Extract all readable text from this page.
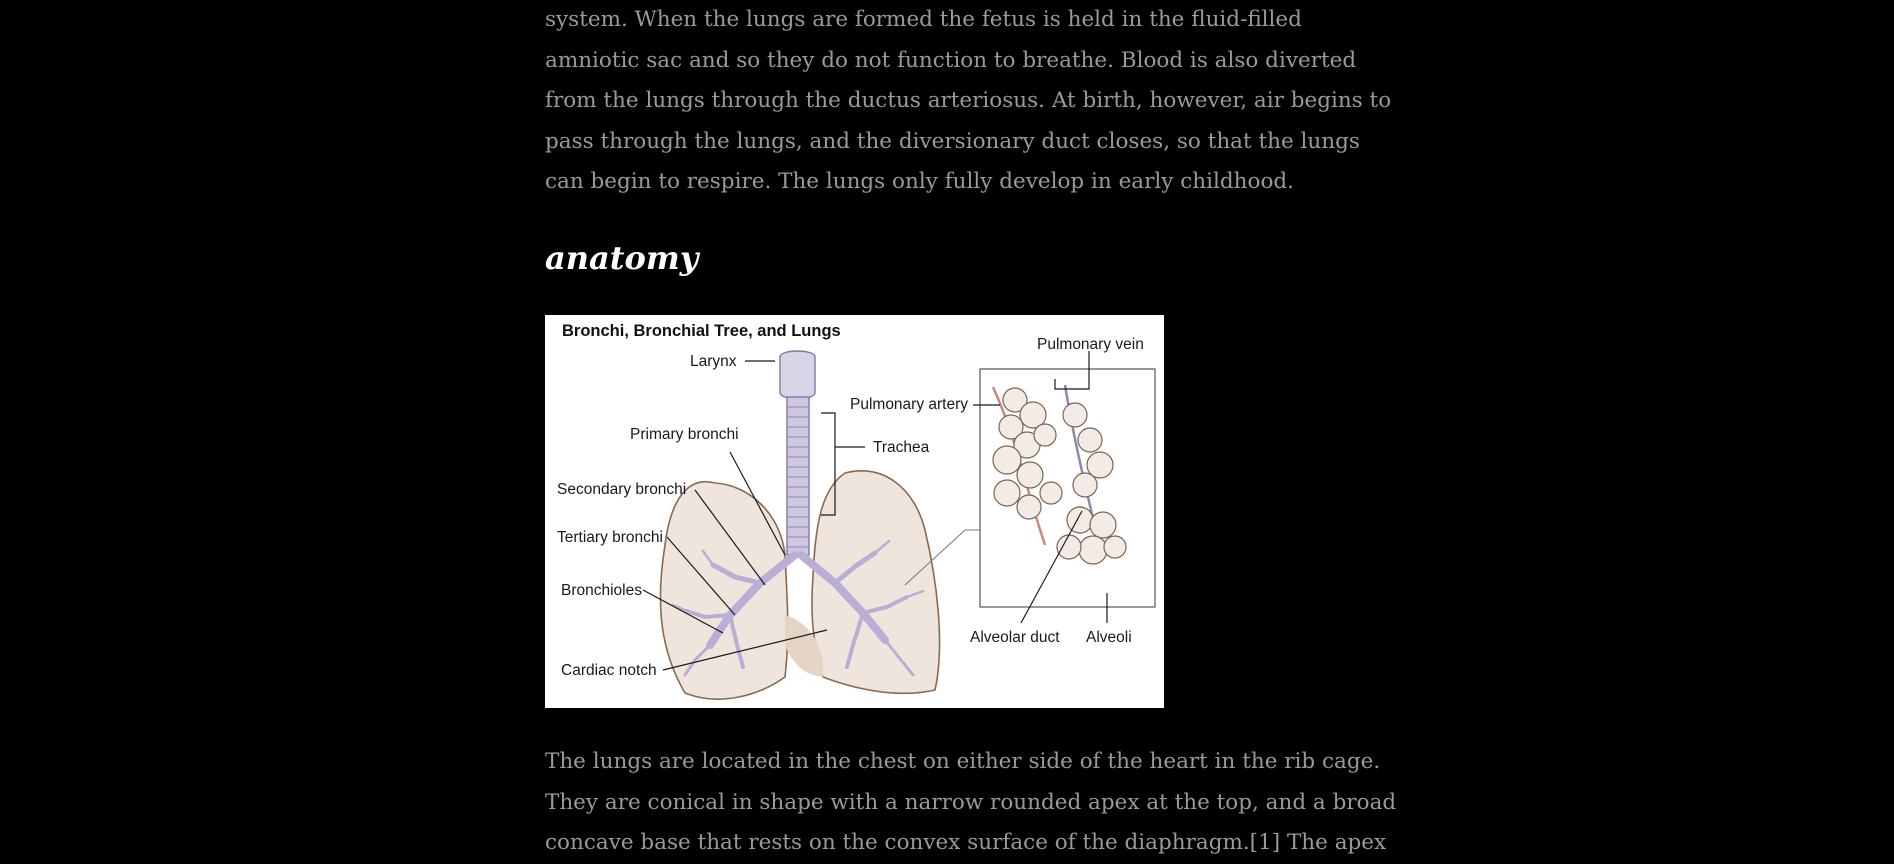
system. When the lungs are formed the fetus is held in the fluid-filled
amniotic sac and so they do not function to breathe. Blood is also diverted
from the lungs through the ductus arteriosus. At birth, however, air begins to
pass through the lungs, and the diversionary duct closes, so that the lungs
can begin to respire. The lungs only fully develop in early childhood.

anatomy
Bronchi, Bronchial Tree, and Lungs
Larynx
Primary bronchi
Secondary bronchi
Tertiary bronchi
Bronchioles
Cardiac notch
Trachea
Pulmonary artery
Pulmonary vein
Alveolar duct Alveoli

The lungs are located in the chest on either side of the heart in the rib cage.
They are conical in shape with a narrow rounded apex at the top, and a broad
concave base that rests on the convex surface of the diaphragm.[1] The apex
